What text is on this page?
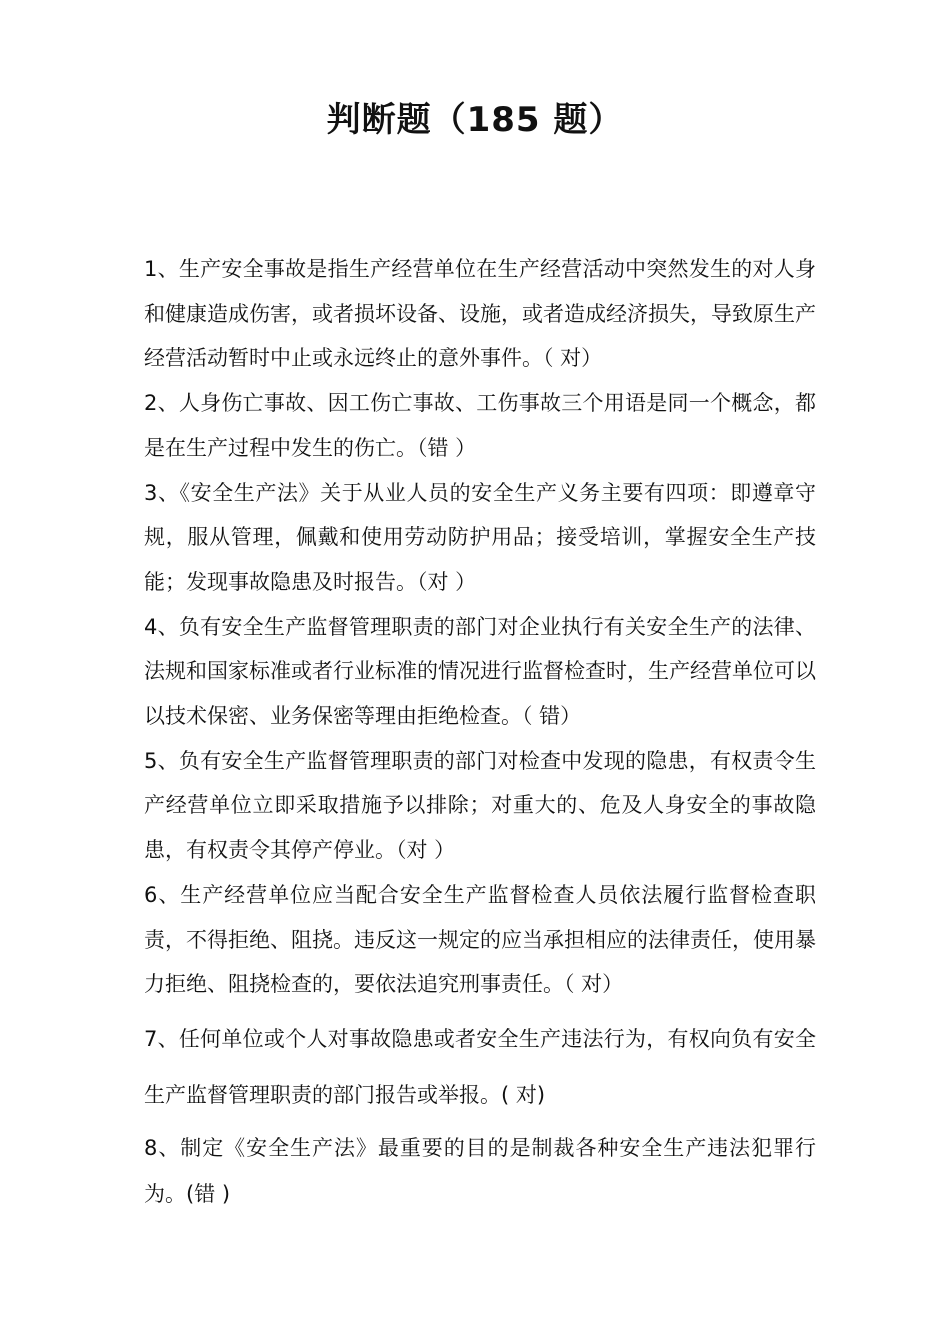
判断题（185 题）
1、生产安全事故是指生产经营单位在生产经营活动中突然发生的对人身和健康造成伤害，或者损坏设备、设施，或者造成经济损失，导致原生产经营活动暂时中止或永远终止的意外事件。（ 对）
2、人身伤亡事故、因工伤亡事故、工伤事故三个用语是同一个概念，都是在生产过程中发生的伤亡。（错 ）
3、《安全生产法》关于从业人员的安全生产义务主要有四项：即遵章守规，服从管理，佩戴和使用劳动防护用品；接受培训，掌握安全生产技能；发现事故隐患及时报告。（对 ）
4、负有安全生产监督管理职责的部门对企业执行有关安全生产的法律、法规和国家标准或者行业标准的情况进行监督检查时，生产经营单位可以以技术保密、业务保密等理由拒绝检查。（ 错）
5、负有安全生产监督管理职责的部门对检查中发现的隐患，有权责令生产经营单位立即采取措施予以排除；对重大的、危及人身安全的事故隐患，有权责令其停产停业。（对 ）
6、生产经营单位应当配合安全生产监督检查人员依法履行监督检查职责，不得拒绝、阻挠。违反这一规定的应当承担相应的法律责任，使用暴力拒绝、阻挠检查的，要依法追究刑事责任。（ 对）
7、任何单位或个人对事故隐患或者安全生产违法行为，有权向负有安全生产监督管理职责的部门报告或举报。( 对)
8、制定《安全生产法》最重要的目的是制裁各种安全生产违法犯罪行为。(错 )
